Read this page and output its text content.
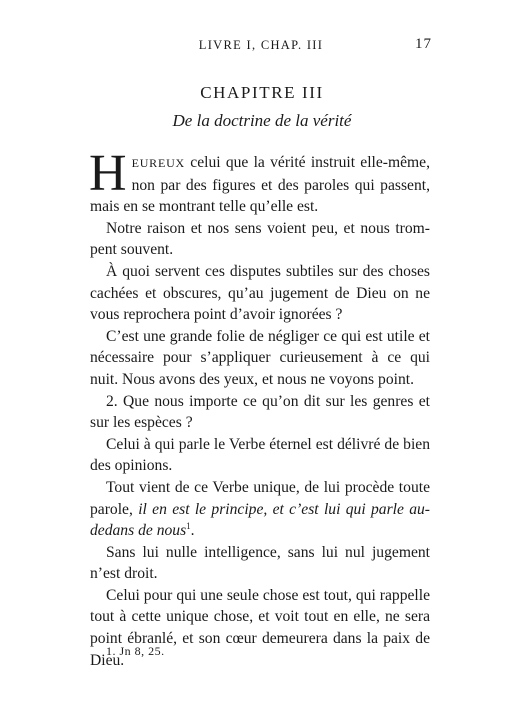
LIVRE I, CHAP. III	17
CHAPITRE III
De la doctrine de la vérité

HEUREUX celui que la vérité instruit elle-même, non par des figures et des paroles qui passent, mais en se montrant telle qu’elle est.

Notre raison et nos sens voient peu, et nous trom-pent souvent.

À quoi servent ces disputes subtiles sur des choses cachées et obscures, qu’au jugement de Dieu on ne vous reprochera point d’avoir ignorées ?

C’est une grande folie de négliger ce qui est utile et nécessaire pour s’appliquer curieusement à ce qui nuit. Nous avons des yeux, et nous ne voyons point.

2. Que nous importe ce qu’on dit sur les genres et sur les espèces ?

Celui à qui parle le Verbe éternel est délivré de bien des opinions.

Tout vient de ce Verbe unique, de lui procède toute parole, il en est le principe, et c’est lui qui parle au-dedans de nous$^1$.

Sans lui nulle intelligence, sans lui nul jugement n’est droit.

Celui pour qui une seule chose est tout, qui rappelle tout à cette unique chose, et voit tout en elle, ne sera point ébranlé, et son cœur demeurera dans la paix de Dieu.

1. Jn 8, 25.
